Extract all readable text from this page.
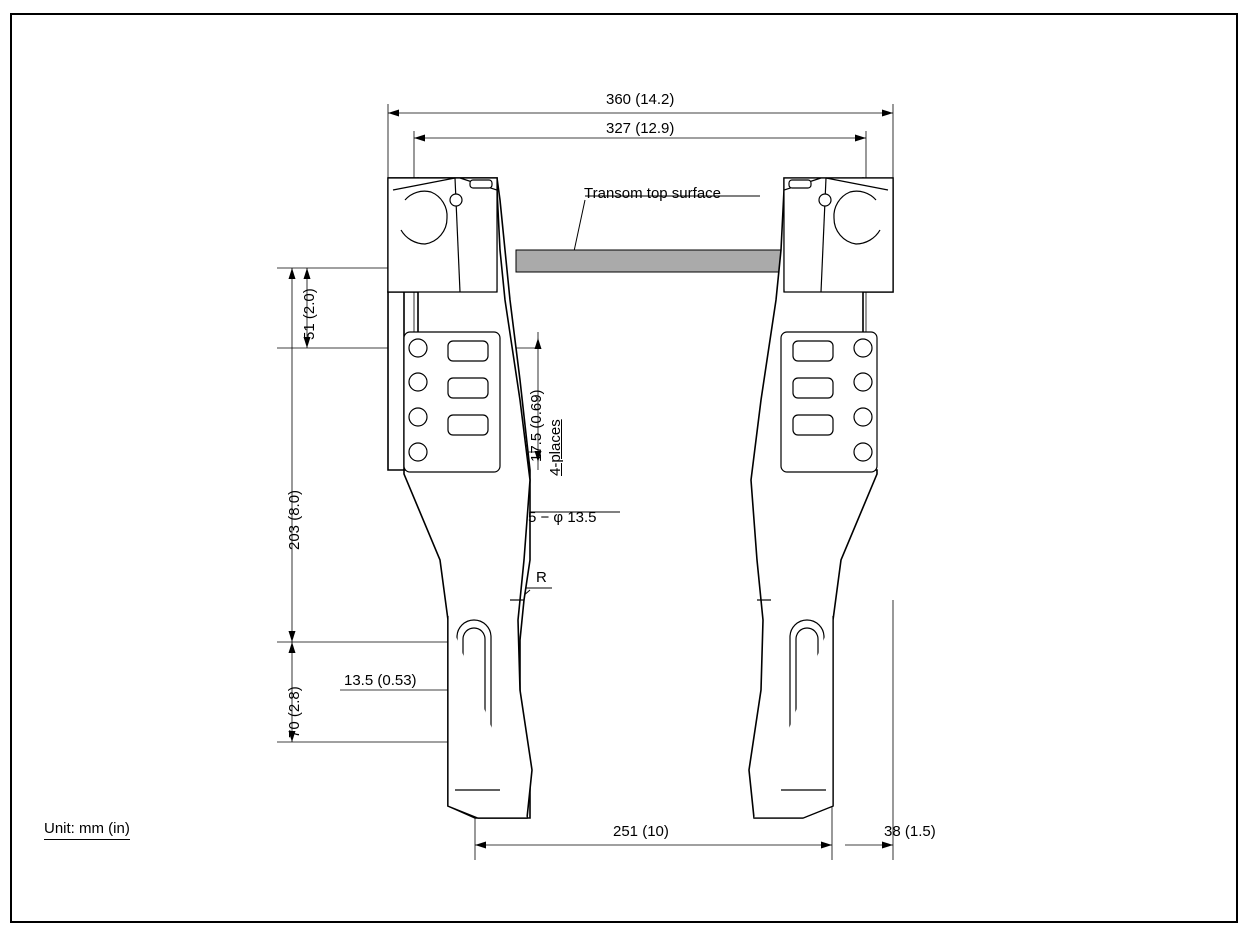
360 (14.2)
327 (12.9)
Transom top surface
51 (2.0)
203 (8.0)
70 (2.8)
17.5 (0.69) 4-places
5 − φ 13.5
R
13.5 (0.53)
251 (10)	38 (1.5)
Unit: mm (in)
